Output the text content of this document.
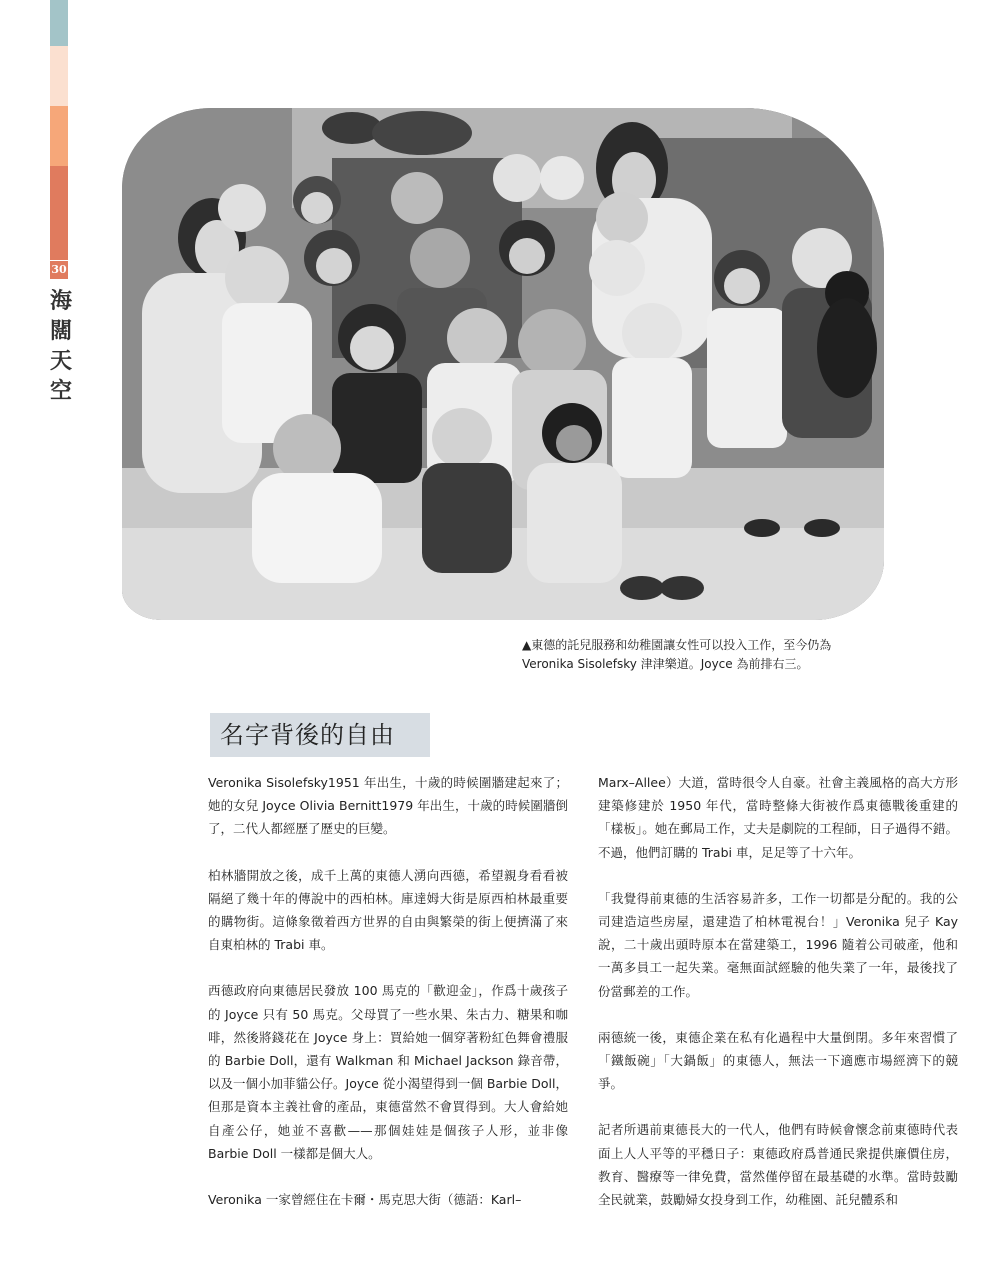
30
海闊天空
▲東德的託兒服務和幼稚園讓女性可以投入工作，至今仍為
Veronika Sisolefsky 津津樂道。Joyce 為前排右三。
名字背後的自由

Veronika Sisolefsky1951 年出生，十歲的時候圍牆建起來了；她的女兒 Joyce Olivia Bernitt1979 年出生，十歲的時候圍牆倒了，二代人都經歷了歷史的巨變。

柏林牆開放之後，成千上萬的東德人湧向西德，希望親身看看被隔絕了幾十年的傳說中的西柏林。庫達姆大街是原西柏林最重要的購物街。這條象徵着西方世界的自由與繁榮的街上便擠滿了來自東柏林的 Trabi 車。

西德政府向東德居民發放 100 馬克的「歡迎金」，作爲十歲孩子的 Joyce 只有 50 馬克。父母買了一些水果、朱古力、糖果和咖啡，然後將錢花在 Joyce 身上：買給她一個穿著粉紅色舞會禮服的 Barbie Doll，還有 Walkman 和 Michael Jackson 錄音帶，以及一個小加菲貓公仔。Joyce 從小渴望得到一個 Barbie Doll，但那是資本主義社會的產品，東德當然不會買得到。大人會給她自產公仔，她並不喜歡——那個娃娃是個孩子人形，並非像 Barbie Doll 一樣都是個大人。

Veronika 一家曾經住在卡爾・馬克思大街（德語：Karl–

Marx–Allee）大道，當時很令人自豪。社會主義風格的高大方形建築修建於 1950 年代，當時整條大街被作爲東德戰後重建的「樣板」。她在郵局工作，丈夫是劇院的工程師，日子過得不錯。不過，他們訂購的 Trabi 車，足足等了十六年。

「我覺得前東德的生活容易許多，工作一切都是分配的。我的公司建造這些房屋，還建造了柏林電視台！」Veronika 兒子 Kay 說，二十歲出頭時原本在當建築工，1996 隨着公司破產，他和一萬多員工一起失業。毫無面試經驗的他失業了一年，最後找了份當郵差的工作。

兩德統一後，東德企業在私有化過程中大量倒閉。多年來習慣了「鐵飯碗」「大鍋飯」的東德人，無法一下適應市場經濟下的競爭。

記者所遇前東德長大的一代人，他們有時候會懷念前東德時代表面上人人平等的平穩日子：東德政府爲普通民衆提供廉價住房，教育、醫療等一律免費，當然僅停留在最基礎的水準。當時鼓勵全民就業，鼓勵婦女投身到工作，幼稚園、託兒體系和
